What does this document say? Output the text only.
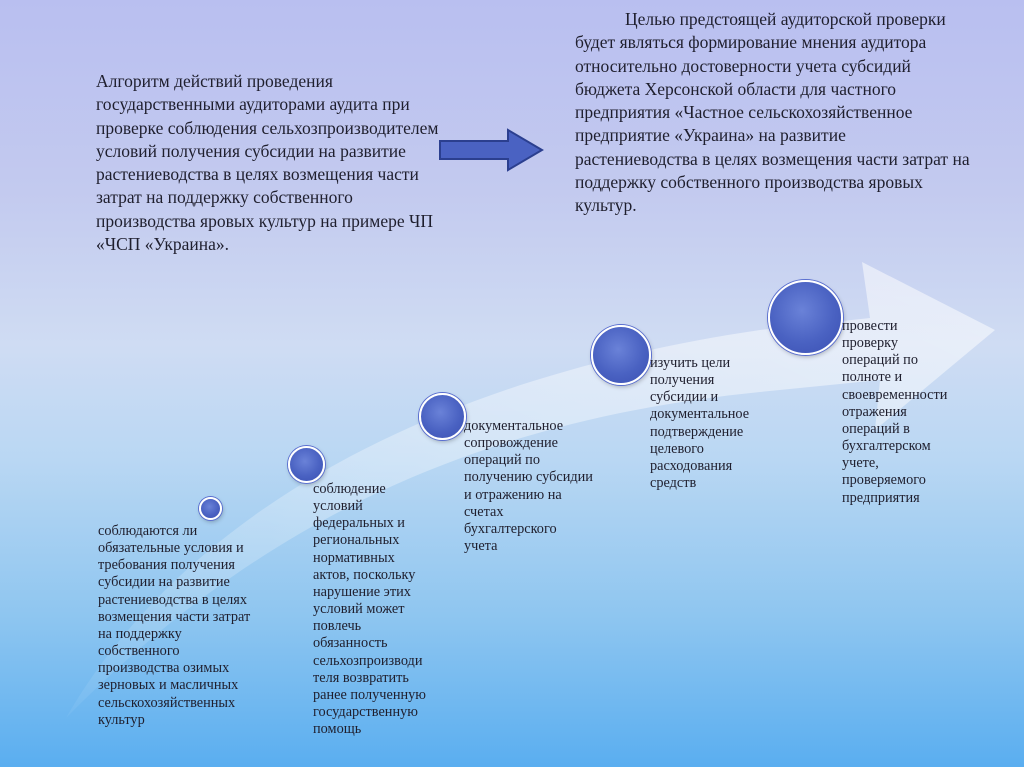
Алгоритм действий проведения государственными аудиторами аудита при проверке соблюдения сельхозпроизводителем условий получения субсидии на развитие растениеводства в целях возмещения части затрат на поддержку собственного производства яровых культур на примере ЧП «ЧСП «Украина».
Целью предстоящей аудиторской проверки будет являться формирование мнения аудитора относительно достоверности учета субсидий бюджета Херсонской области для частного предприятия «Частное сельскохозяйственное предприятие «Украина» на развитие растениеводства в целях возмещения части затрат на поддержку собственного производства яровых культур.
соблюдаются ли
обязательные условия и
требования получения
субсидии на развитие
растениеводства в целях
возмещения части затрат
на поддержку
собственного
производства озимых
зерновых и масличных
сельскохозяйственных
культур
соблюдение
условий
федеральных и
региональных
нормативных
актов, поскольку
нарушение этих
условий может
повлечь
обязанность
сельхозпроизводи
теля возвратить
ранее полученную
государственную
помощь
документальное
сопровождение
операций по
получению субсидии
и отражению на
счетах
бухгалтерского
учета
изучить цели
получения
субсидии и
документальное
подтверждение
целевого
расходования
средств
провести
проверку
операций по
полноте и
своевременности
отражения
операций в
бухгалтерском
учете,
проверяемого
предприятия
